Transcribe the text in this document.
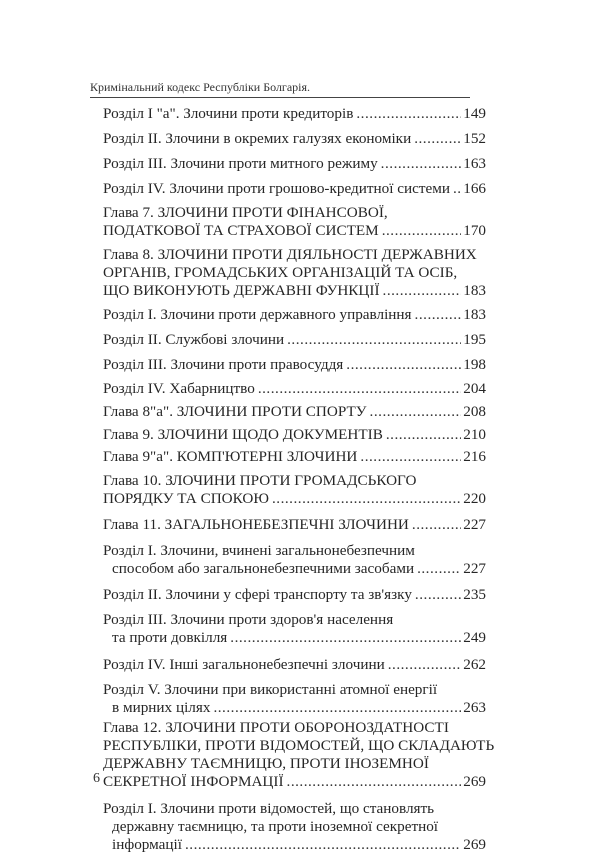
Кримінальний кодекс Республіки Болгарія.
Розділ І "а". Злочини проти кредиторів .....	149
Розділ ІІ. Злочини в окремих галузях економіки .....	152
Розділ ІІІ. Злочини проти митного режиму .....	163
Розділ IV. Злочини проти грошово-кредитної системи ..... 166
Глава 7. ЗЛОЧИНИ ПРОТИ ФІНАНСОВОЇ,
ПОДАТКОВОЇ ТА СТРАХОВОЇ СИСТЕМ .....	170
Глава 8. ЗЛОЧИНИ ПРОТИ ДІЯЛЬНОСТІ ДЕРЖАВНИХ
ОРГАНІВ, ГРОМАДСЬКИХ ОРГАНІЗАЦІЙ ТА ОСІБ,
ЩО ВИКОНУЮТЬ ДЕРЖАВНІ ФУНКЦІЇ .....	183
Розділ І. Злочини проти державного управління .....	183
Розділ ІІ. Службові злочини .....	195
Розділ ІІІ. Злочини проти правосуддя .....	198
Розділ IV. Хабарництво .....	204
Глава 8"а". ЗЛОЧИНИ ПРОТИ СПОРТУ .....	208
Глава 9. ЗЛОЧИНИ ЩОДО ДОКУМЕНТІВ .....	210
Глава 9"а". КОМП'ЮТЕРНІ ЗЛОЧИНИ .....	216
Глава 10. ЗЛОЧИНИ ПРОТИ ГРОМАДСЬКОГО
ПОРЯДКУ ТА СПОКОЮ .....	220
Глава 11. ЗАГАЛЬНОНЕБЕЗПЕЧНІ ЗЛОЧИНИ .....	227
Розділ І. Злочини, вчинені загальнонебезпечним
способом або загальнонебезпечними засобами .....	227
Розділ ІІ. Злочини у сфері транспорту та зв'язку .....	235
Розділ ІІІ. Злочини проти здоров'я населення
та проти довкілля .....	249
Розділ IV. Інші загальнонебезпечні злочини .....	262
Розділ V. Злочини при використанні атомної енергії
в мирних цілях .....	263
Глава 12. ЗЛОЧИНИ ПРОТИ ОБОРОНОЗДАТНОСТІ
РЕСПУБЛІКИ, ПРОТИ ВІДОМОСТЕЙ, ЩО СКЛАДАЮТЬ
ДЕРЖАВНУ ТАЄМНИЦЮ, ПРОТИ ІНОЗЕМНОЇ
СЕКРЕТНОЇ ІНФОРМАЦІЇ .....	269
Розділ І. Злочини проти відомостей, що становлять
державну таємницю, та проти іноземної секретної
інформації .....	269
6
